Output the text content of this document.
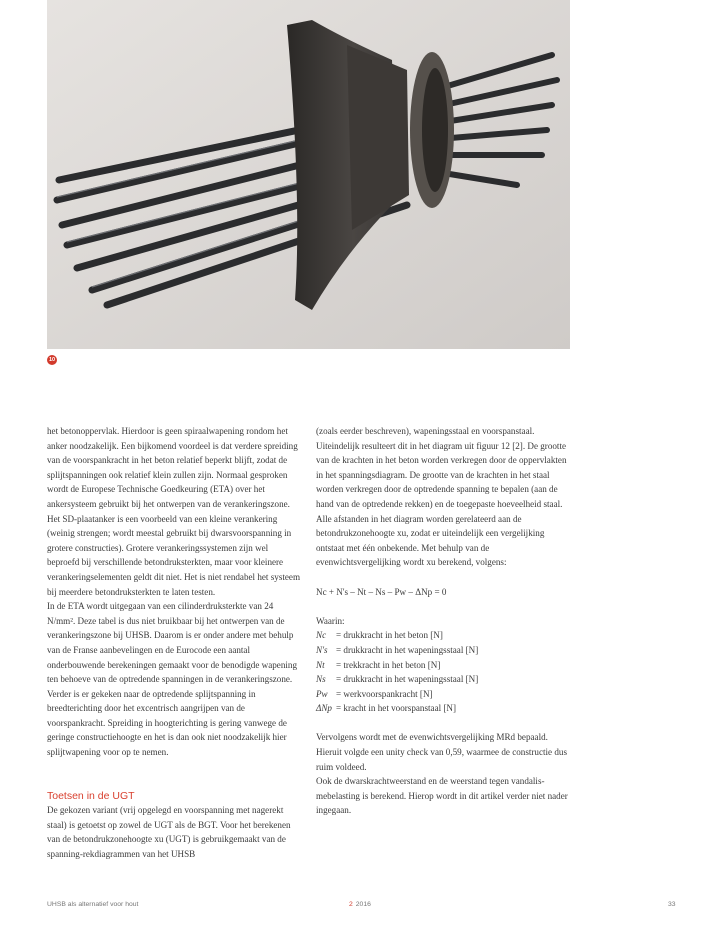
10

het betonoppervlak. Hierdoor is geen spiraalwapening rondom het anker noodzakelijk. Een bijkomend voordeel is dat verdere spreiding van de voorspankracht in het beton relatief beperkt blijft, zodat de splijtspanningen ook relatief klein zullen zijn. Normaal gesproken wordt de Europese Technische Goedkeuring (ETA) over het ankersysteem gebruikt bij het ontwerpen van de verankeringszone. Het SD-plaatanker is een voorbeeld van een kleine verankering (weinig strengen; wordt meestal gebruikt bij dwarsvoorspanning in grotere constructies). Grotere verankeringssystemen zijn wel beproefd bij verschillende betondruksterkten, maar voor kleinere verankeringselementen geldt dit niet. Het is niet rendabel het systeem bij meerdere betondruksterkten te laten testen.

In de ETA wordt uitgegaan van een cilinderdruksterkte van 24 N/mm². Deze tabel is dus niet bruikbaar bij het ontwerpen van de verankeringszone bij UHSB. Daarom is er onder andere met behulp van de Franse aanbevelingen en de Eurocode een aantal onderbouwende berekeningen gemaakt voor de benodigde wapening ten behoeve van de optredende spanningen in de verankeringszone. Verder is er gekeken naar de optredende splijtspanning in breedterichting door het excentrisch aangrijpen van de voorspankracht. Spreiding in hoogterichting is gering vanwege de geringe constructiehoogte en het is dan ook niet noodzakelijk hier splijtwapening voor op te nemen.

Toetsen in de UGT

De gekozen variant (vrij opgelegd en voorspanning met nagerekt staal) is getoetst op zowel de UGT als de BGT. Voor het berekenen van de betondrukzonehoogte xu (UGT) is gebruikgemaakt van de spanning-rekdiagrammen van het UHSB

(zoals eerder beschreven), wapeningsstaal en voorspanstaal. Uiteindelijk resulteert dit in het diagram uit figuur 12 [2]. De grootte van de krachten in het beton worden verkregen door de oppervlakten in het spanningsdiagram. De grootte van de krachten in het staal worden verkregen door de optredende spanning te bepalen (aan de hand van de optredende rekken) en de toegepaste hoeveelheid staal. Alle afstanden in het diagram worden gerelateerd aan de betondrukzonehoogte xu, zodat er uiteindelijk een vergelijking ontstaat met één onbekende. Met behulp van de evenwichtsvergelijking wordt xu berekend, volgens:

Nc + N's – Nt – Ns – Pw – ΔNp = 0

Waarin:

Nc	= drukkracht in het beton [N]
N's = drukkracht in het wapeningsstaal [N]
Nt	= trekkracht in het beton [N]
Ns	= drukkracht in het wapeningsstaal [N]
Pw = werkvoorspankracht [N]
ΔNp = kracht in het voorspanstaal [N]

Vervolgens wordt met de evenwichtsvergelijking MRd bepaald. Hieruit volgde een unity check van 0,59, waarmee de constructie dus ruim voldeed.

Ook de dwarskrachtweerstand en de weerstand tegen vandalismebelasting is berekend. Hierop wordt in dit artikel verder niet nader ingegaan.

UHSB als alternatief voor hout	2 2016	33
